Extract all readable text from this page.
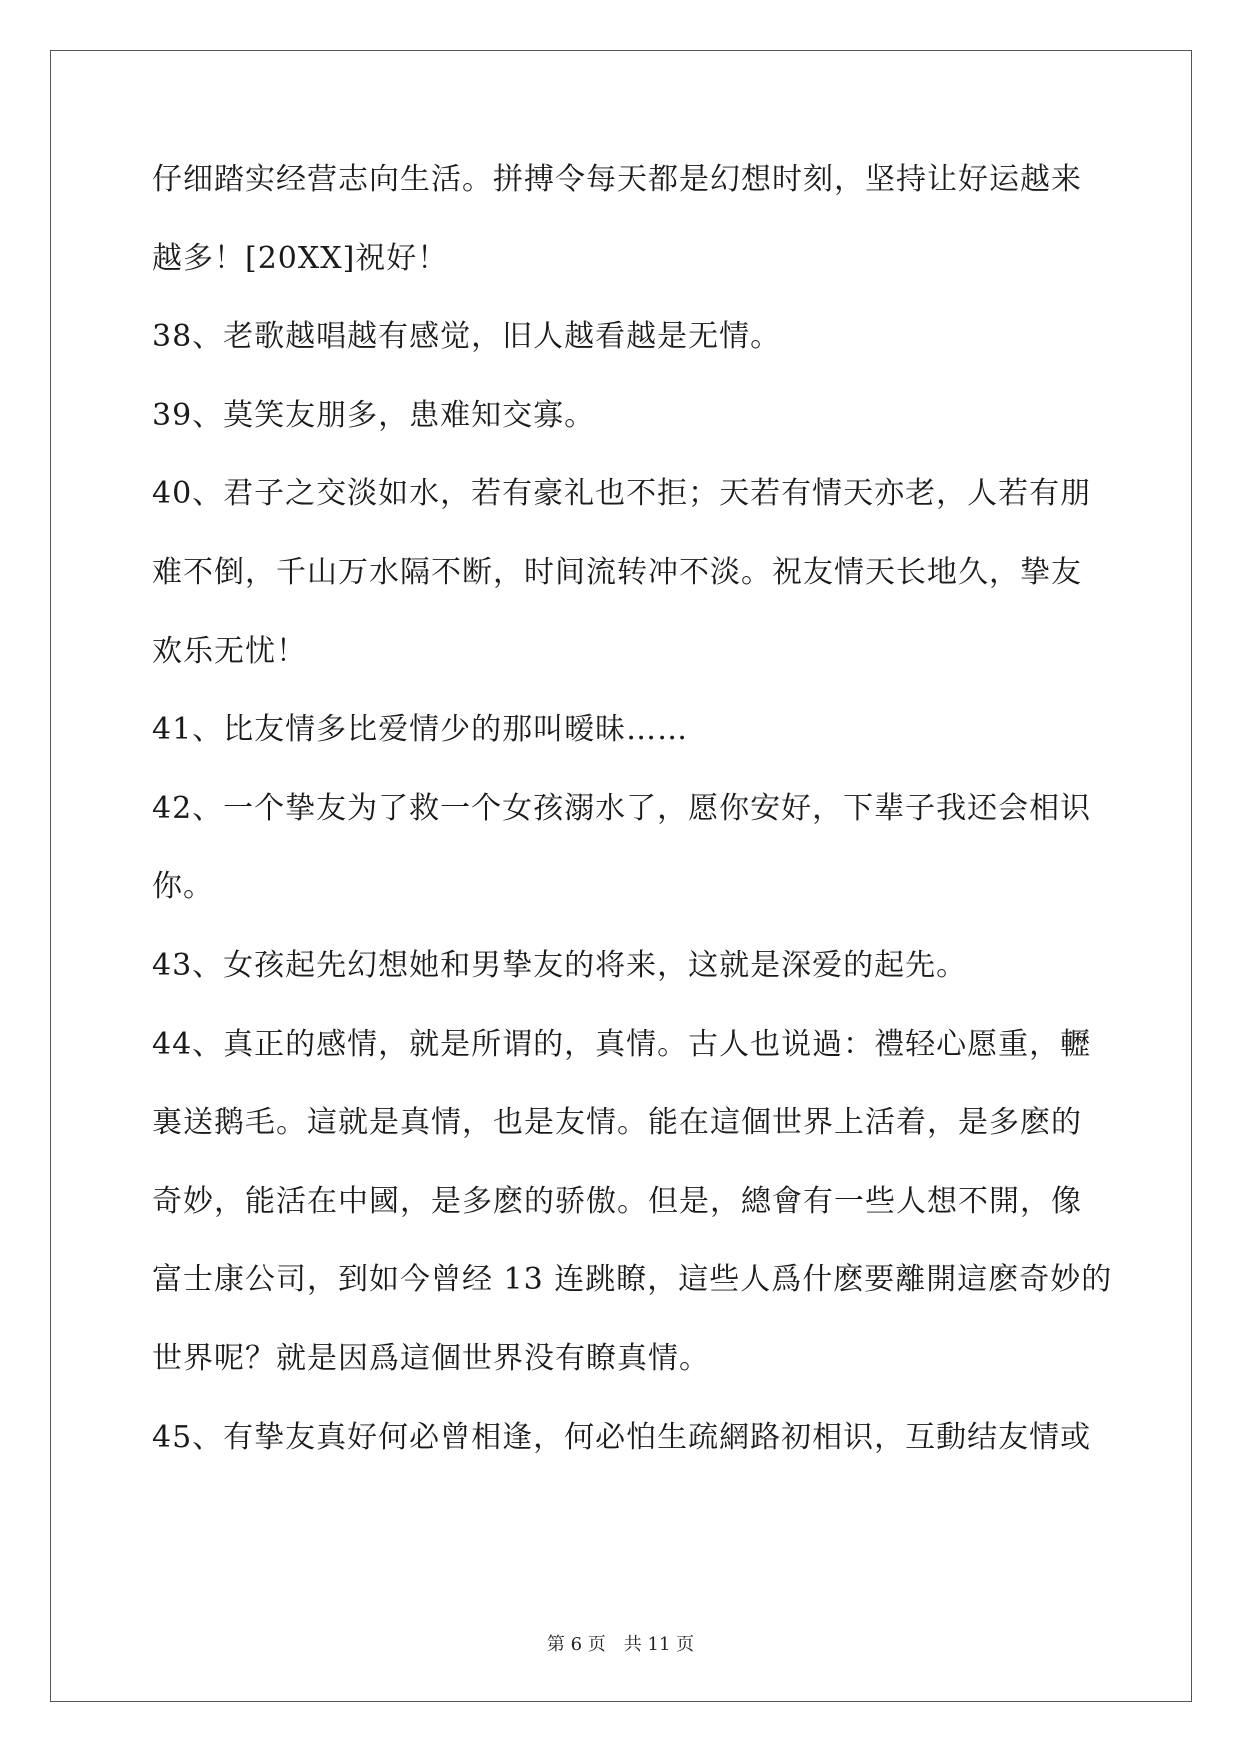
仔细踏实经营志向生活。拼搏令每天都是幻想时刻，坚持让好运越来
越多！[20XX]祝好！
38、老歌越唱越有感觉，旧人越看越是无情。
39、莫笑友朋多，患难知交寡。
40、君子之交淡如水，若有豪礼也不拒；天若有情天亦老，人若有朋
难不倒，千山万水隔不断，时间流转冲不淡。祝友情天长地久，挚友
欢乐无忧！
41、比友情多比爱情少的那叫暧昧……
42、一个挚友为了救一个女孩溺水了，愿你安好，下辈子我还会相识
你。
43、女孩起先幻想她和男挚友的将来，这就是深爱的起先。
44、真正的感情，就是所谓的，真情。古人也说過：禮轻心愿重，轣
裏送鹅毛。這就是真情，也是友情。能在這個世界上活着，是多麽的
奇妙，能活在中國，是多麽的骄傲。但是，總會有一些人想不開，像
富士康公司，到如今曾经 13 连跳瞭，這些人爲什麽要離開這麽奇妙的
世界呢？就是因爲這個世界没有瞭真情。
45、有挚友真好何必曾相逢，何必怕生疏網路初相识，互動结友情或
第 6 页　共 11 页
